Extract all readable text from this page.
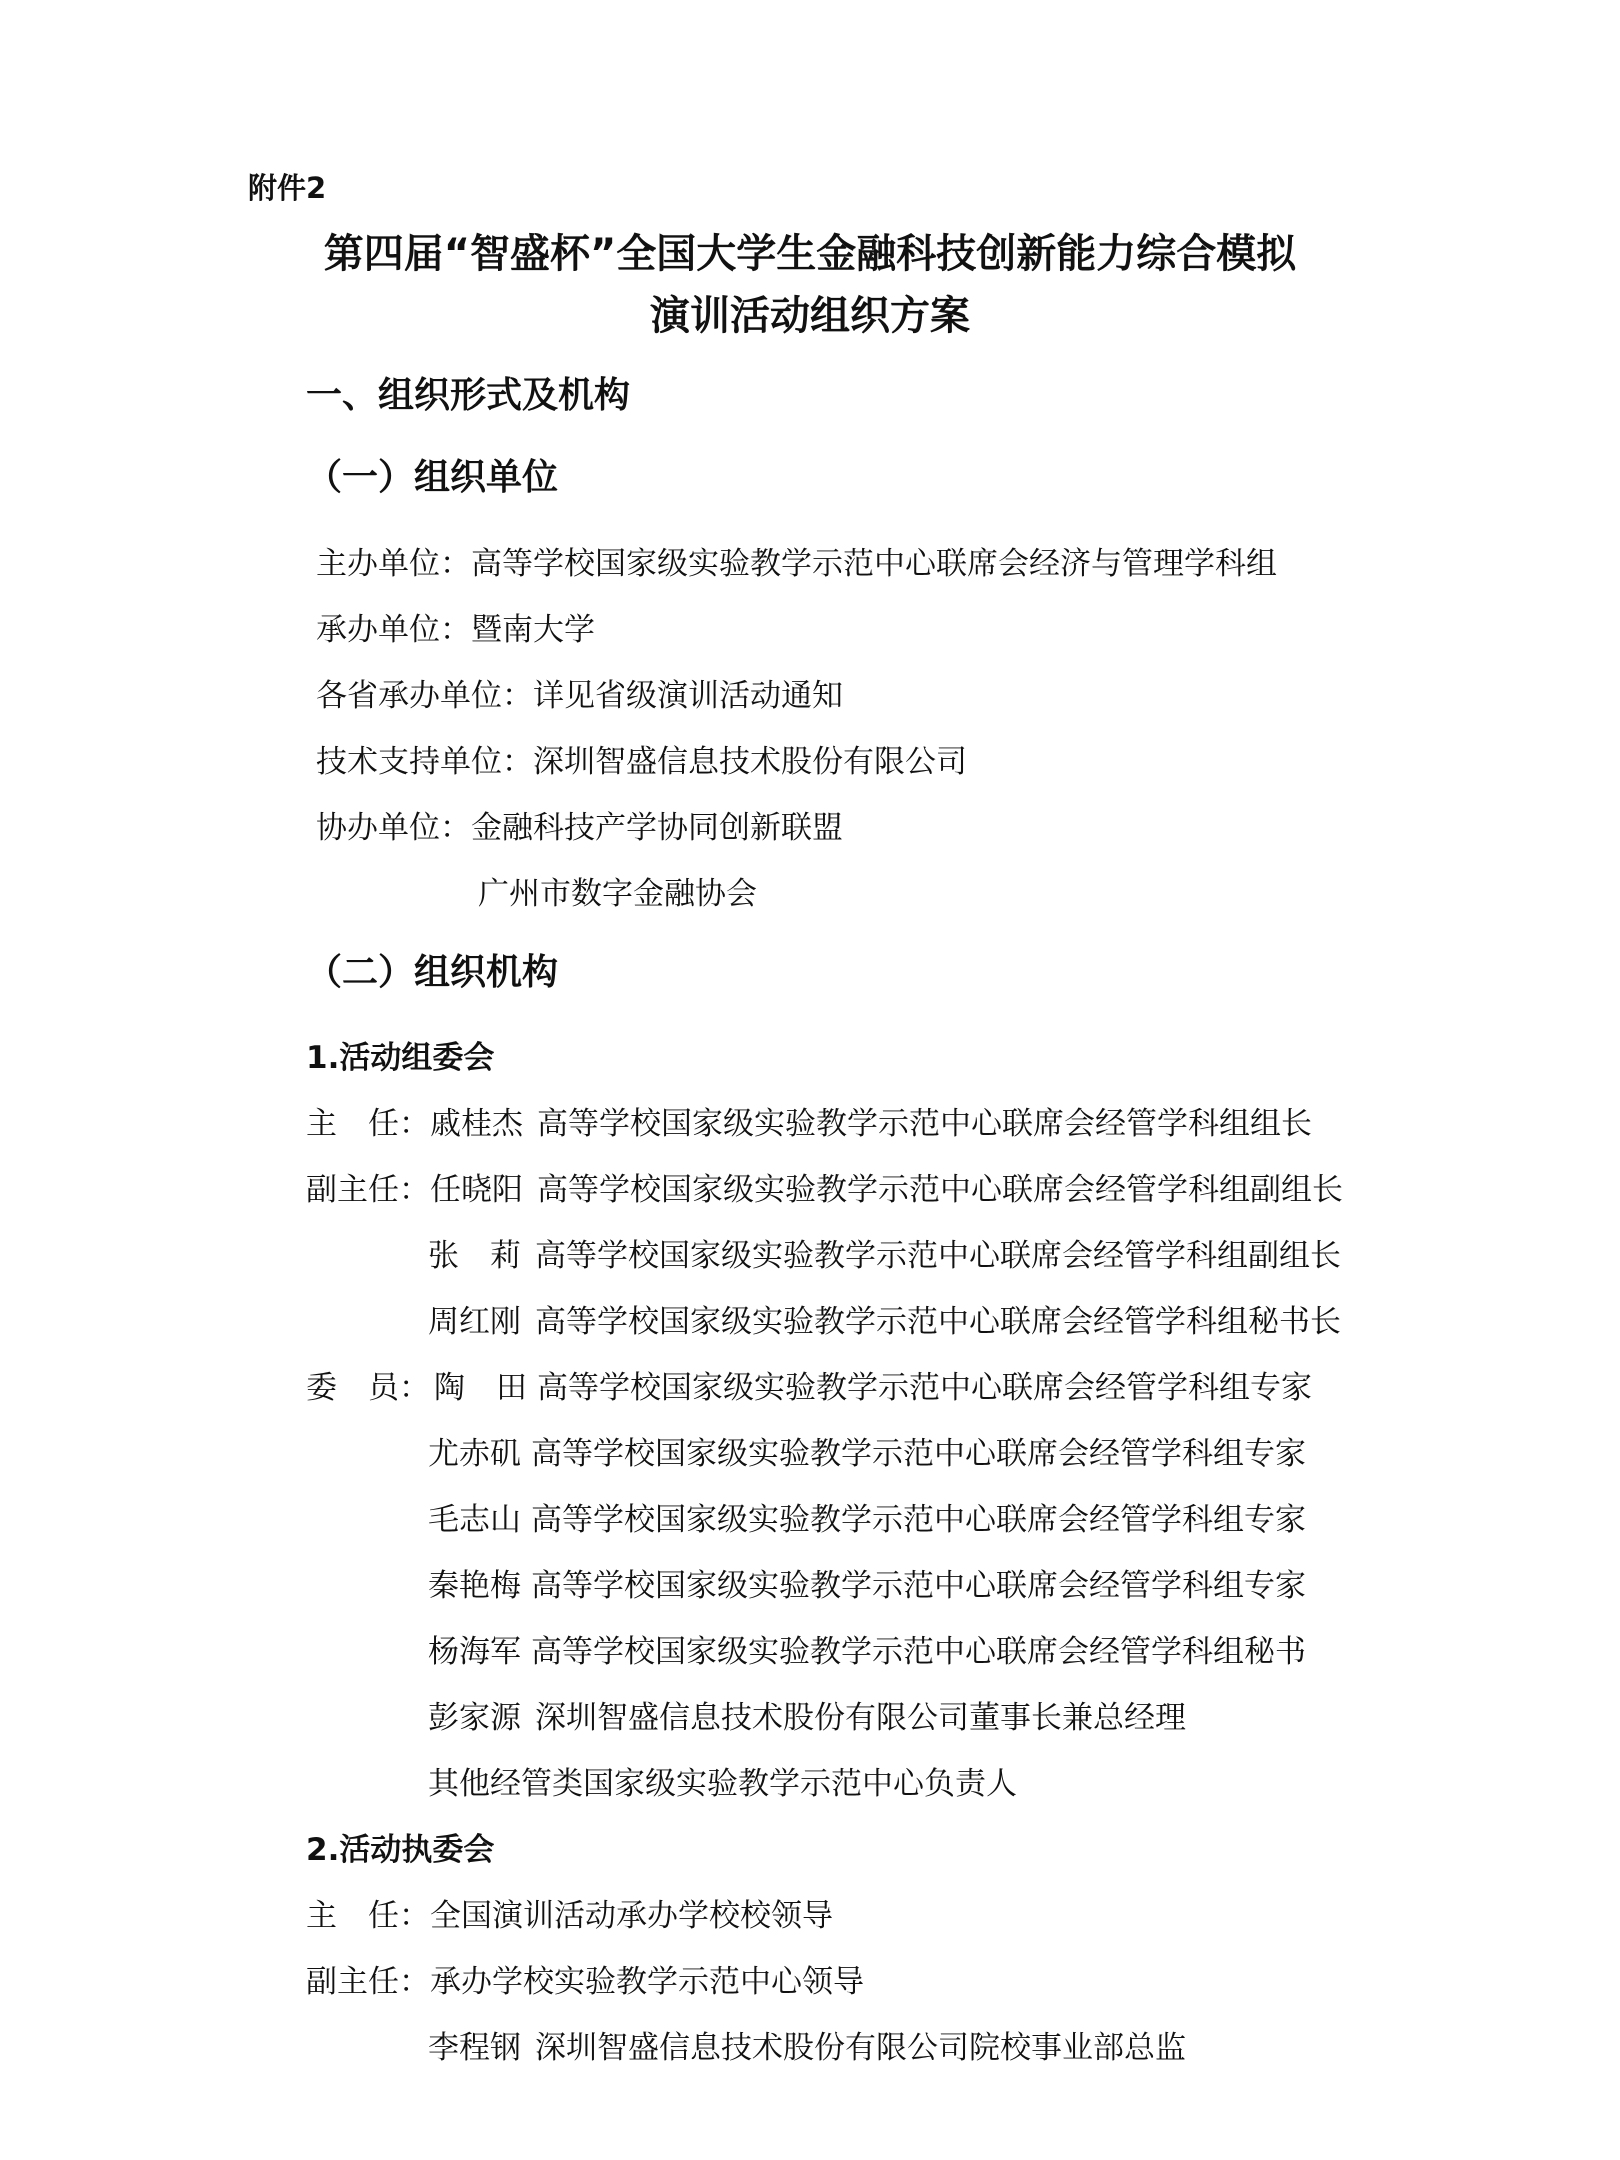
附件2
第四届“智盛杯”全国大学生金融科技创新能力综合模拟
演训活动组织方案
一、组织形式及机构
（一）组织单位
主办单位：高等学校国家级实验教学示范中心联席会经济与管理学科组
承办单位：暨南大学
各省承办单位：详见省级演训活动通知
技术支持单位：深圳智盛信息技术股份有限公司
协办单位：金融科技产学协同创新联盟
广州市数字金融协会
（二）组织机构
1.活动组委会
主　任：戚桂杰 高等学校国家级实验教学示范中心联席会经管学科组组长
副主任：任晓阳 高等学校国家级实验教学示范中心联席会经管学科组副组长
张　莉 高等学校国家级实验教学示范中心联席会经管学科组副组长
周红刚 高等学校国家级实验教学示范中心联席会经管学科组秘书长
委　员： 陶　田 高等学校国家级实验教学示范中心联席会经管学科组专家
尤赤矶 高等学校国家级实验教学示范中心联席会经管学科组专家
毛志山 高等学校国家级实验教学示范中心联席会经管学科组专家
秦艳梅 高等学校国家级实验教学示范中心联席会经管学科组专家
杨海军 高等学校国家级实验教学示范中心联席会经管学科组秘书
彭家源 深圳智盛信息技术股份有限公司董事长兼总经理
其他经管类国家级实验教学示范中心负责人
2.活动执委会
主　任：全国演训活动承办学校校领导
副主任：承办学校实验教学示范中心领导
李程钢 深圳智盛信息技术股份有限公司院校事业部总监
